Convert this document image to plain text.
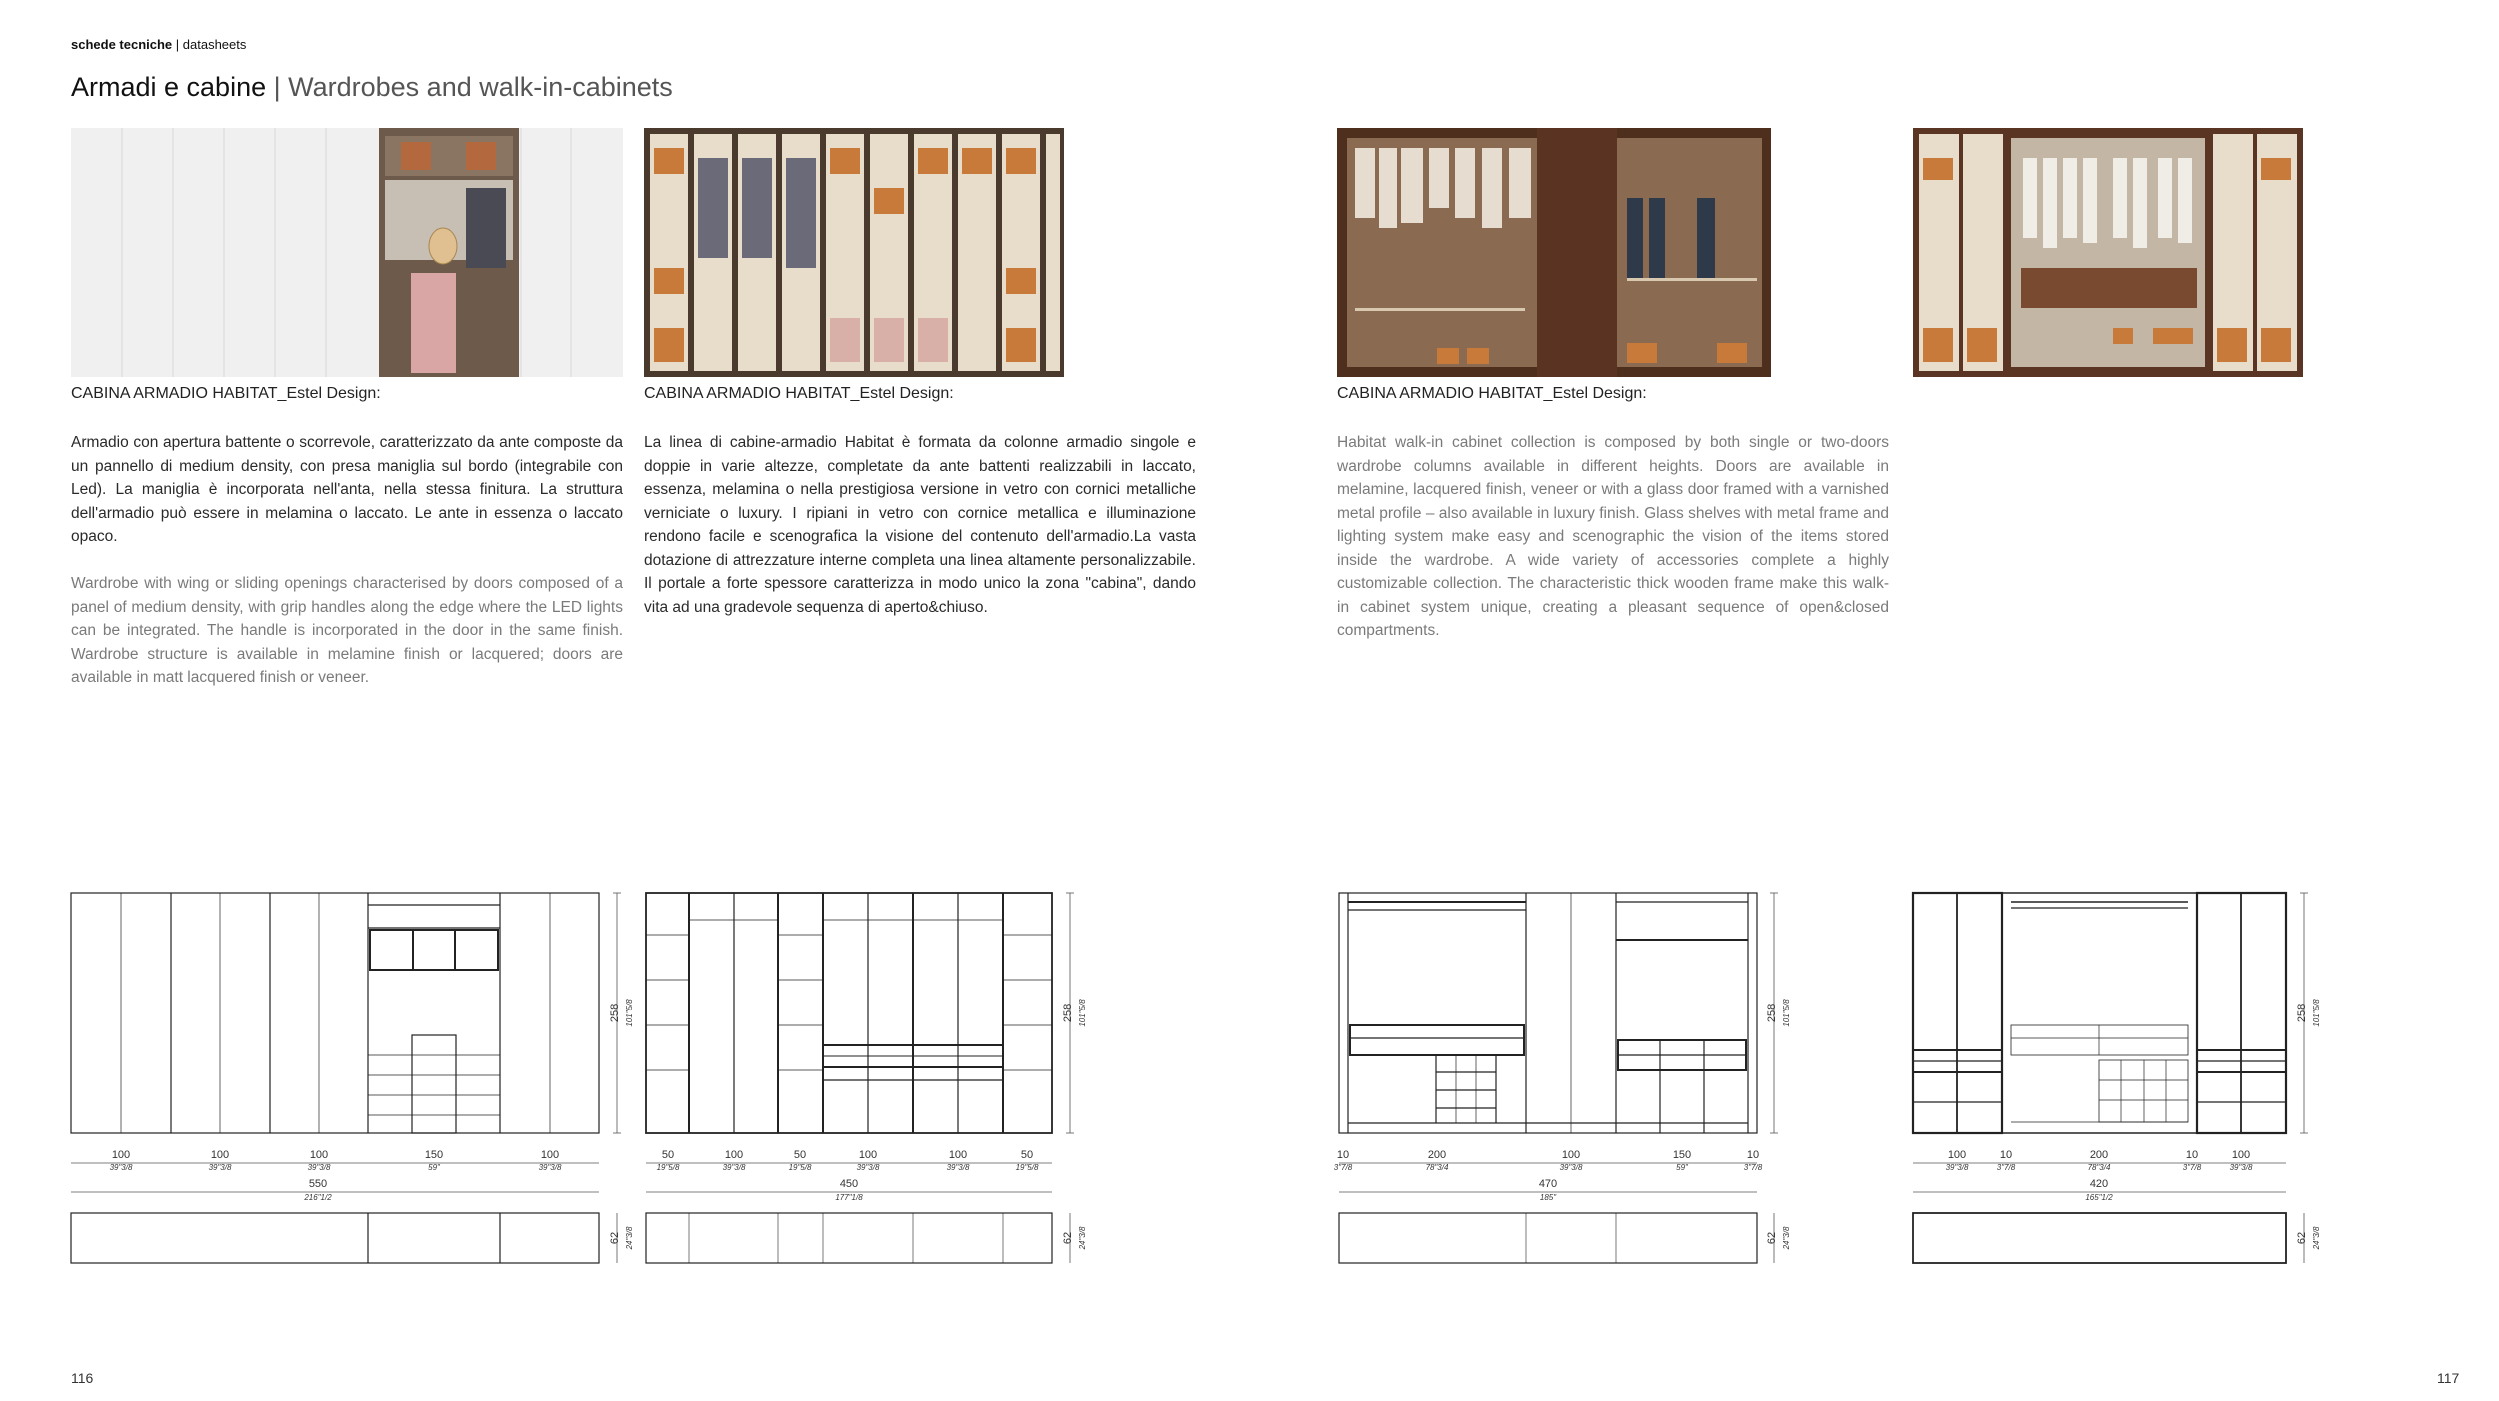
schede tecniche | datasheets
Armadi e cabine | Wardrobes and walk-in-cabinets
CABINA ARMADIO HABITAT_Estel Design:
Armadio con apertura battente o scorrevole, caratterizzato da ante composte da un pannello di medium density, con presa maniglia sul bordo (integrabile con Led). La maniglia è incorporata nell'anta, nella stessa finitura. La struttura dell'armadio può essere in melamina o laccato. Le ante in essenza o laccato opaco.
Wardrobe with wing or sliding openings characterised by doors composed of a panel of medium density, with grip handles along the edge where the LED lights can be integrated. The handle is incorporated in the door in the same finish. Wardrobe structure is available in melamine finish or lacquered; doors are available in matt lacquered finish or veneer.
CABINA ARMADIO HABITAT_Estel Design:
La linea di cabine-armadio Habitat è formata da colonne armadio singole e doppie in varie altezze, completate da ante battenti realizzabili in laccato, essenza, melamina o nella prestigiosa versione in vetro con cornici metalliche verniciate o luxury. I ripiani in vetro con cornice metallica e illuminazione rendono facile e scenografica la visione del contenuto dell'armadio.La vasta dotazione di attrezzature interne completa una linea altamente personalizzabile. Il portale a forte spessore caratterizza in modo unico la zona "cabina", dando vita ad una gradevole sequenza di aperto&chiuso.
CABINA ARMADIO HABITAT_Estel Design:
Habitat walk-in cabinet collection is composed by both single or two-doors wardrobe columns available in different heights. Doors are available in melamine, lacquered finish, veneer or with a glass door framed with a varnished metal profile – also available in luxury finish. Glass shelves with metal frame and lighting system make easy and scenographic the vision of the items stored inside the wardrobe. A wide variety of accessories complete a highly customizable collection. The characteristic thick wooden frame make this walk- in cabinet system unique, creating a pleasant sequence of open&closed compartments.
100
39"3/8
100
39"3/8
100
39"3/8
150
59"
100
39"3/8
550
216"1/2
258 101"5/8
62 24"3/8
50
19"5/8
100
39"3/8
50
19"5/8
100
39"3/8
100
39"3/8
50
19"5/8
450
177"1/8
258 101"5/8
62 24"3/8
10
3"7/8
200
78"3/4
100
39"3/8
150
59"
10
3"7/8
470
185"
258 101"5/8
62 24"3/8
100
39"3/8
10
3"7/8
200
78"3/4
10
3"7/8
100
39"3/8
420
165"1/2
258 101"5/8
62 24"3/8
116	117
